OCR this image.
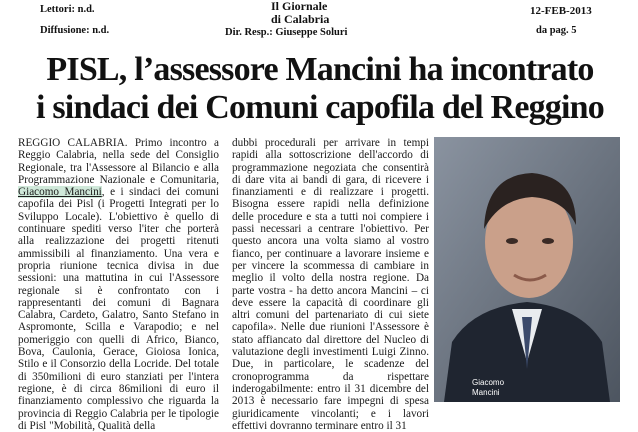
Lettori: n.d.
Diffusione: n.d.
Il Giornale
di Calabria
Dir. Resp.: Giuseppe Soluri
12-FEB-2013
da pag. 5
PISL, l’assessore Mancini ha incontrato
i sindaci dei Comuni capofila del Reggino
REGGIO CALABRIA. Primo incontro a Reggio Calabria, nella sede del Consiglio Regionale, tra l'Assessore al Bilancio e alla Programmazione Nazionale e Comunitaria, Giacomo Mancini, e i sindaci dei comuni capofila dei Pisl (i Progetti Integrati per lo Sviluppo Locale). L'obiettivo è quello di continuare spediti verso l'iter che porterà alla realizzazione dei progetti ritenuti ammissibili al finanziamento. Una vera e propria riunione tecnica divisa in due sessioni: una mattutina in cui l'Assessore regionale si è confrontato con i rappresentanti dei comuni di Bagnara Calabra, Cardeto, Galatro, Santo Stefano in Aspromonte, Scilla e Varapodio; e nel pomeriggio con quelli di Africo, Bianco, Bova, Caulonia, Gerace, Gioiosa Ionica, Stilo e il Consorzio della Locride. Del totale di 350milioni di euro stanziati per l'intera regione, è di circa 86milioni di euro il finanziamento complessivo che riguarda la provincia di Reggio Calabria per le tipologie di Pisl "Mobilità, Qualità della
dubbi procedurali per arrivare in tempi rapidi alla sottoscrizione dell'accordo di programmazione negoziata che consentirà di dare vita ai bandi di gara, di ricevere i finanziamenti e di realizzare i progetti. Bisogna essere rapidi nella definizione delle procedure e sta a tutti noi compiere i passi necessari a centrare l'obiettivo. Per questo ancora una volta siamo al vostro fianco, per continuare a lavorare insieme e per vincere la scommessa di cambiare in meglio il volto della nostra regione. Da parte vostra - ha detto ancora Mancini – ci deve essere la capacità di coordinare gli altri comuni del partenariato di cui siete capofila». Nelle due riunioni l'Assessore è stato affiancato dal direttore del Nucleo di valutazione degli investimenti Luigi Zinno. Due, in particolare, le scadenze del cronoprogramma da rispettare inderogabilmente: entro il 31 dicembre del 2013 è necessario fare impegni di spesa giuridicamente vincolanti; e i lavori effettivi dovranno terminare entro il 31
Giacomo
Mancini
